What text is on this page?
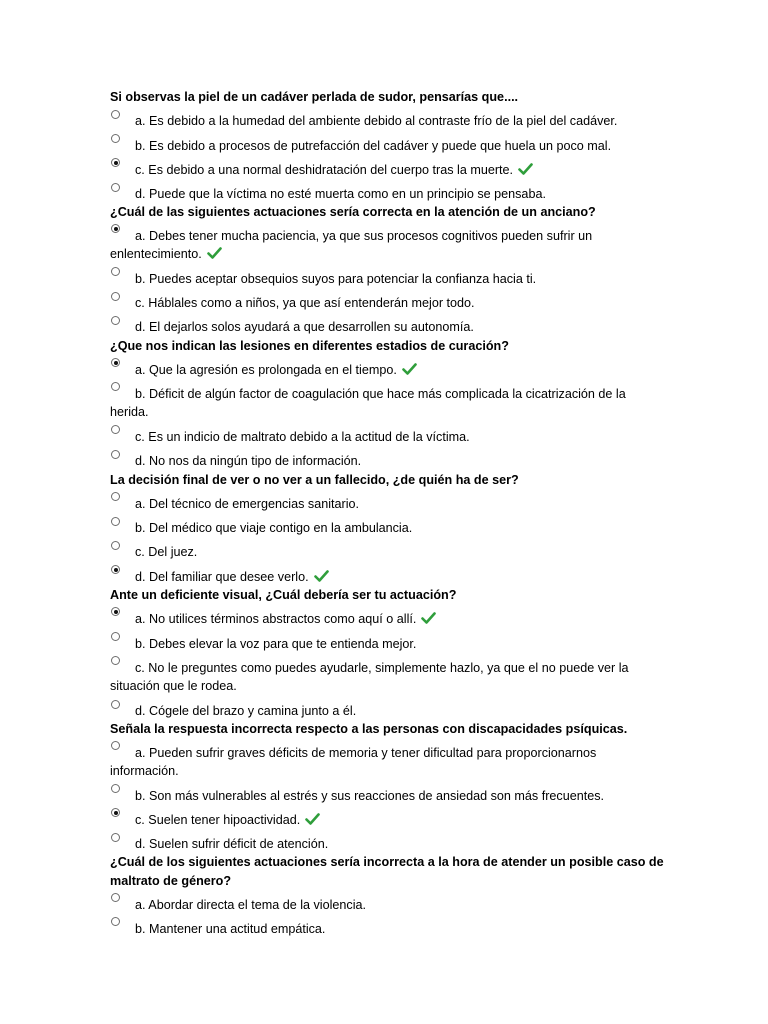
Si observas la piel de un cadáver perlada de sudor, pensarías que....
a. Es debido a la humedad del ambiente debido al contraste frío de la piel del cadáver.
b. Es debido a procesos de putrefacción del cadáver y puede que huela un poco mal.
c. Es debido a una normal deshidratación del cuerpo tras la muerte.
d. Puede que la víctima no esté muerta como en un principio se pensaba.
¿Cuál de las siguientes actuaciones sería correcta en la atención de un anciano?
a. Debes tener mucha paciencia, ya que sus procesos cognitivos pueden sufrir un enlentecimiento.
b. Puedes aceptar obsequios suyos para potenciar la confianza hacia ti.
c. Háblales como a niños, ya que así entenderán mejor todo.
d. El dejarlos solos ayudará a que desarrollen su autonomía.
¿Que nos indican las lesiones en diferentes estadios de curación?
a. Que la agresión es prolongada en el tiempo.
b. Déficit de algún factor de coagulación que hace más complicada la cicatrización de la herida.
c. Es un indicio de maltrato debido a la actitud de la víctima.
d. No nos da ningún tipo de información.
La decisión final de ver o no ver a un fallecido, ¿de quién ha de ser?
a. Del técnico de emergencias sanitario.
b. Del médico que viaje contigo en la ambulancia.
c. Del juez.
d. Del familiar que desee verlo.
Ante un deficiente visual, ¿Cuál debería ser tu actuación?
a. No utilices términos abstractos como aquí o allí.
b. Debes elevar la voz para que te entienda mejor.
c. No le preguntes como puedes ayudarle, simplemente hazlo, ya que el no puede ver la situación que le rodea.
d. Cógele del brazo y camina junto a él.
Señala la respuesta incorrecta respecto a las personas con discapacidades psíquicas.
a. Pueden sufrir graves déficits de memoria y tener dificultad para proporcionarnos información.
b. Son más vulnerables al estrés y sus reacciones de ansiedad son más frecuentes.
c. Suelen tener hipoactividad.
d. Suelen sufrir déficit de atención.
¿Cuál de los siguientes actuaciones sería incorrecta a la hora de atender un posible caso de maltrato de género?
a. Abordar directa el tema de la violencia.
b. Mantener una actitud empática.
